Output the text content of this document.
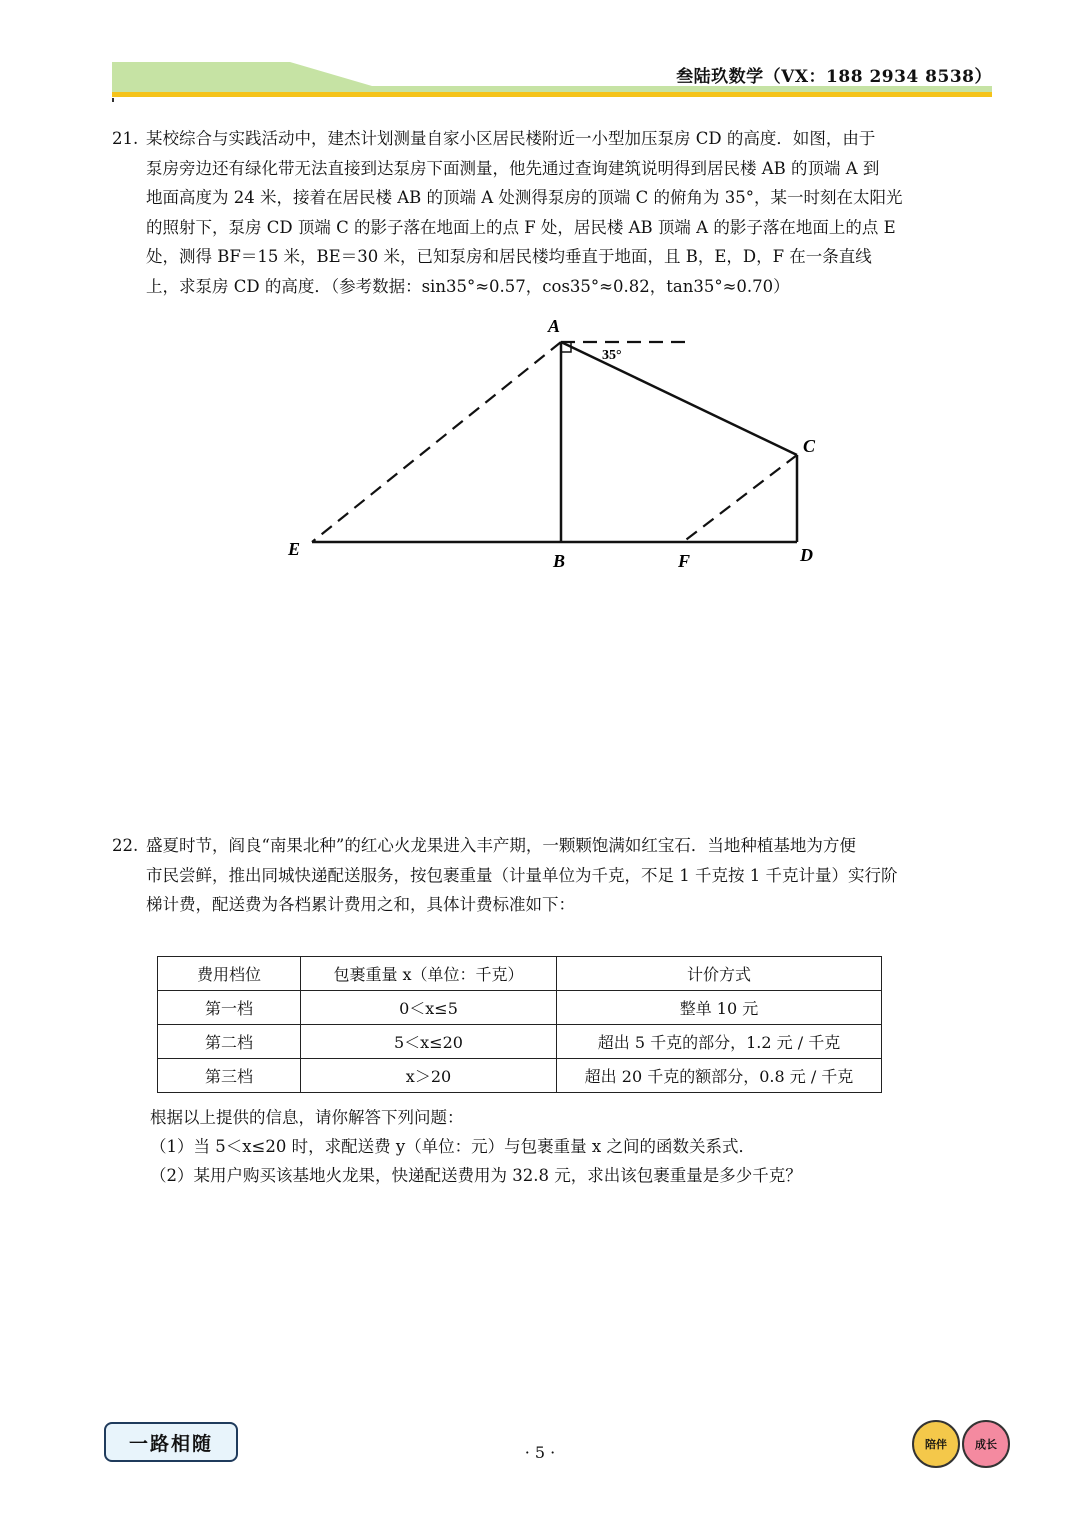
叁陆玖数学（VX：188 2934 8538）

21. 某校综合与实践活动中，建杰计划测量自家小区居民楼附近一小型加压泵房 CD 的高度．如图，由于

泵房旁边还有绿化带无法直接到达泵房下面测量，他先通过查询建筑说明得到居民楼 AB 的顶端 A 到

地面高度为 24 米，接着在居民楼 AB 的顶端 A 处测得泵房的顶端 C 的俯角为 35°，某一时刻在太阳光

的照射下，泵房 CD 顶端 C 的影子落在地面上的点 F 处，居民楼 AB 顶端 A 的影子落在地面上的点 E

处，测得 BF＝15 米，BE＝30 米，已知泵房和居民楼均垂直于地面，且 B，E，D，F 在一条直线

上，求泵房 CD 的高度．（参考数据：sin35°≈0.57，cos35°≈0.82，tan35°≈0.70）

A
35°
C
E
B	F	D

22. 盛夏时节，阎良“南果北种”的红心火龙果进入丰产期，一颗颗饱满如红宝石．当地种植基地为方便

市民尝鲜，推出同城快递配送服务，按包裹重量（计量单位为千克，不足 1 千克按 1 千克计量）实行阶

梯计费，配送费为各档累计费用之和，具体计费标准如下：

费用档位	包裹重量 x（单位：千克）	计价方式
第一档	0＜x≤5	整单 10 元
第二档	5＜x≤20	超出 5 千克的部分，1.2 元 / 千克
第三档	x＞20	超出 20 千克的额部分，0.8 元 / 千克

根据以上提供的信息，请你解答下列问题：

（1）当 5＜x≤20 时，求配送费 y（单位：元）与包裹重量 x 之间的函数关系式．

（2）某用户购买该基地火龙果，快递配送费用为 32.8 元，求出该包裹重量是多少千克？

一路相随	· 5 ·	陪伴	成长
